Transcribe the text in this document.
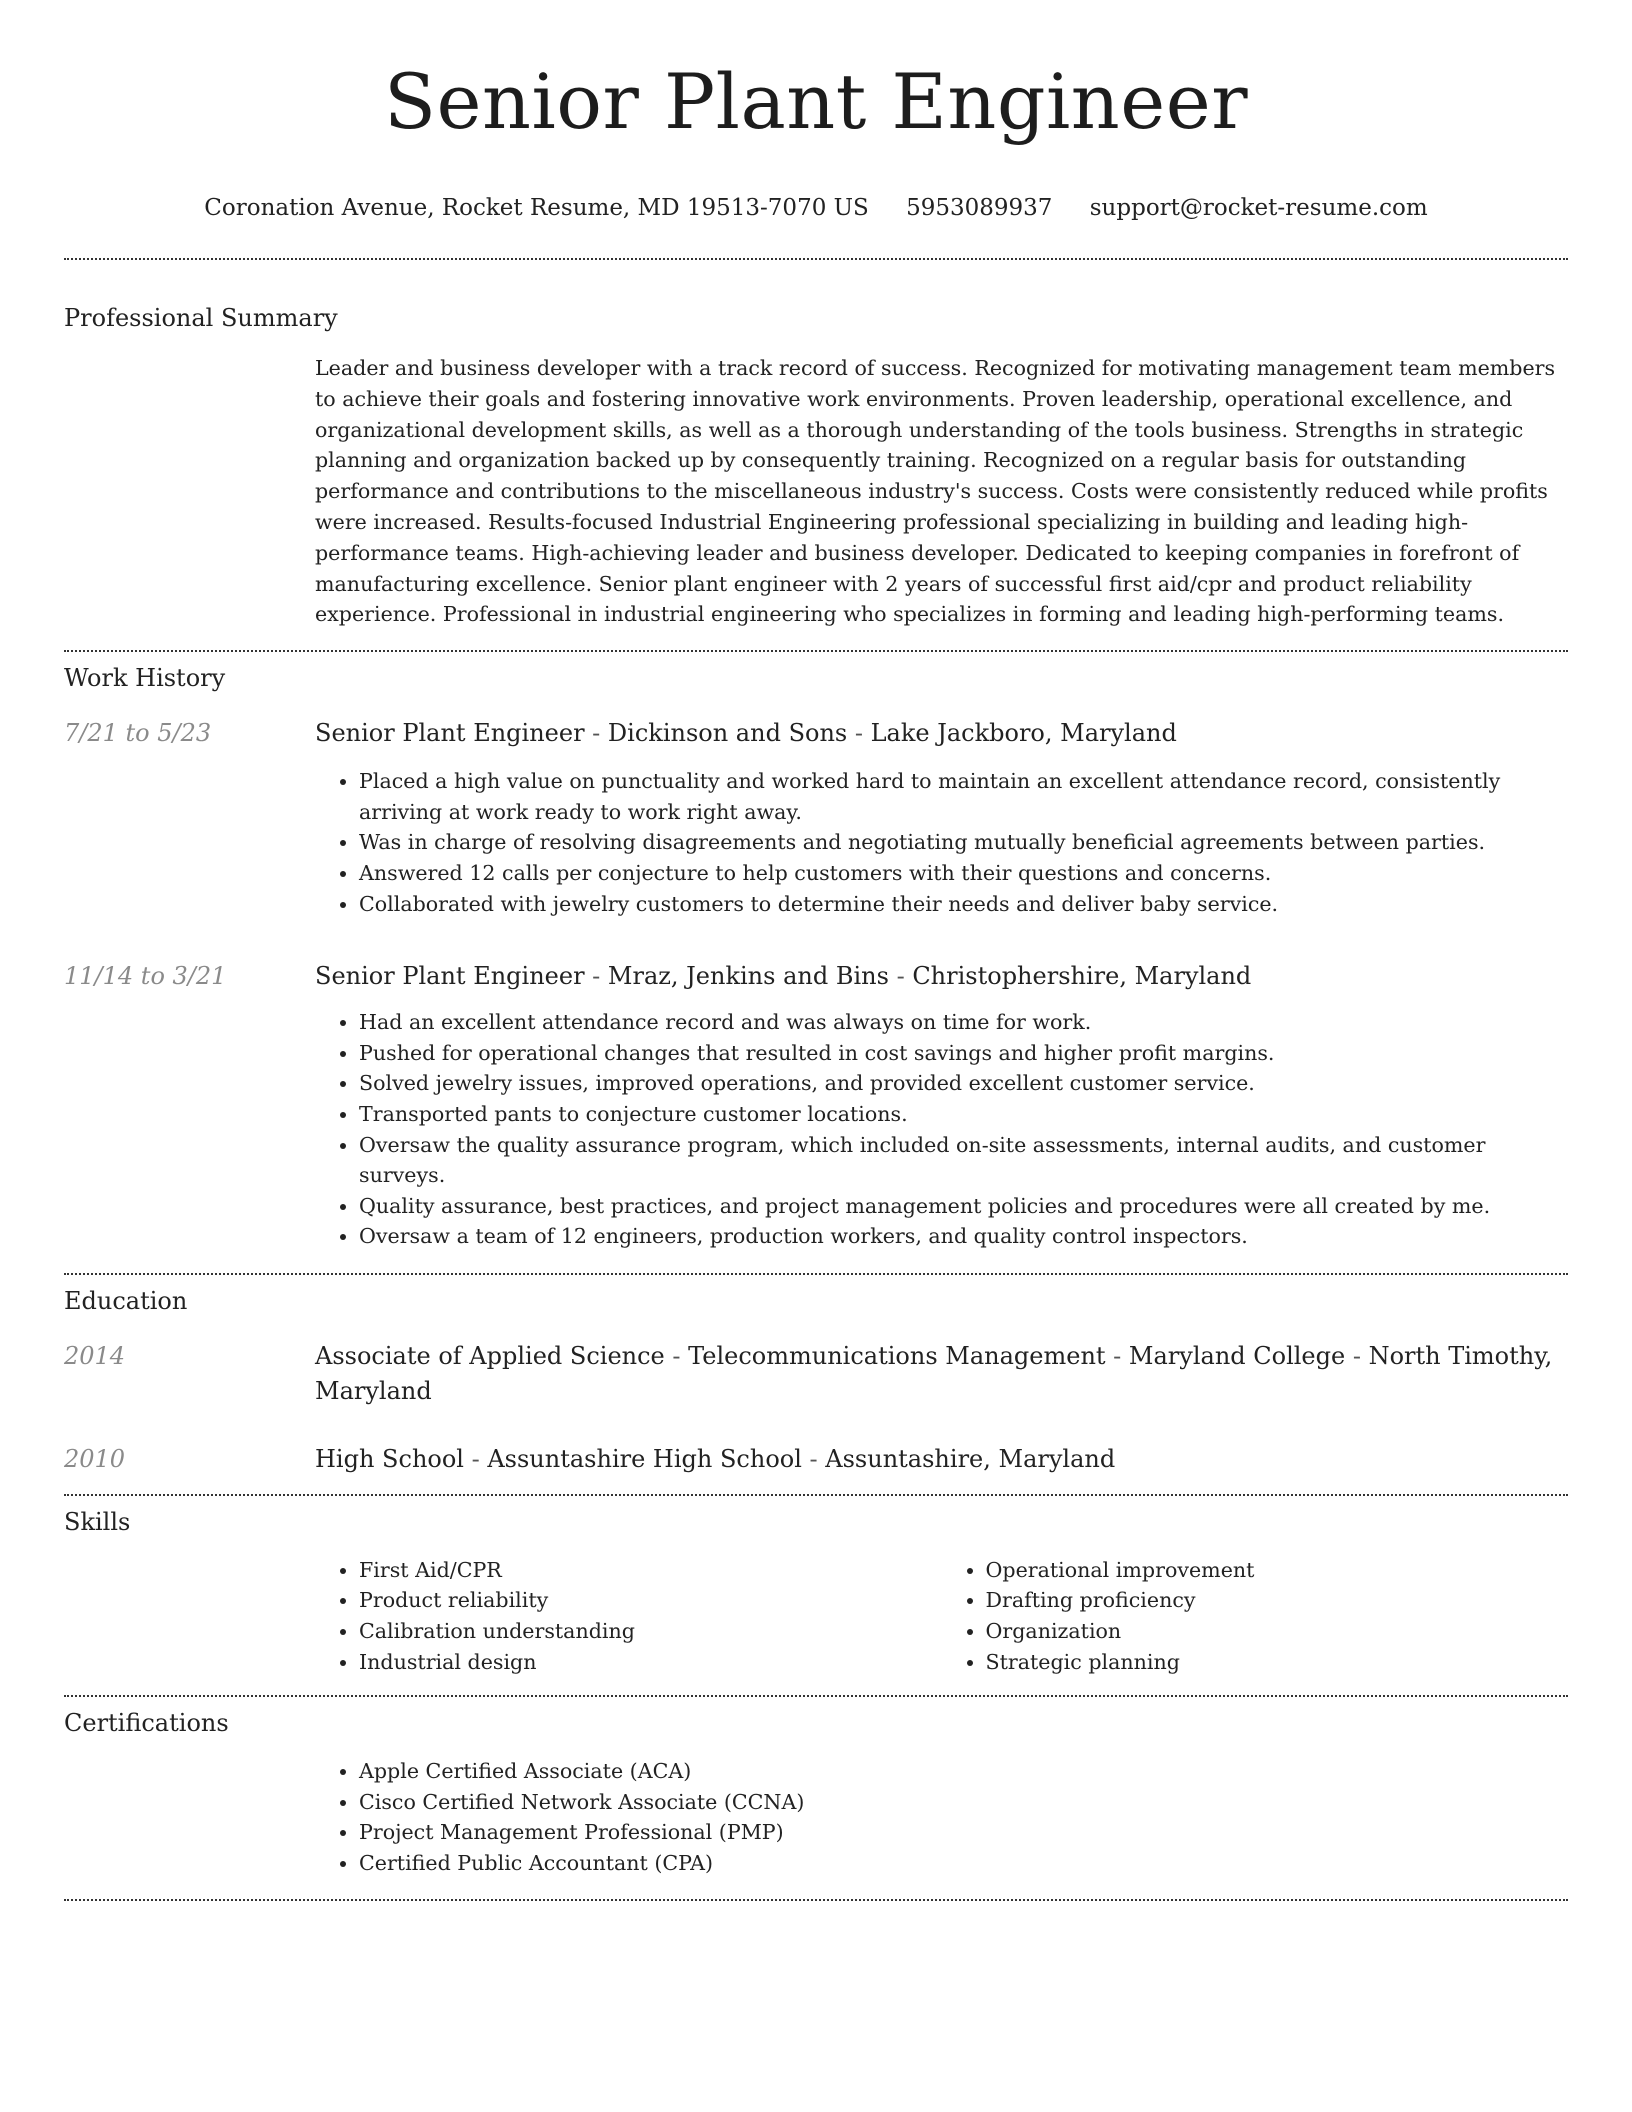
Senior Plant Engineer
Coronation Avenue, Rocket Resume, MD 19513-7070 US 5953089937 support@rocket-resume.com
Professional Summary

Leader and business developer with a track record of success. Recognized for motivating management team members to achieve their goals and fostering innovative work environments. Proven leadership, operational excellence, and organizational development skills, as well as a thorough understanding of the tools business. Strengths in strategic planning and organization backed up by consequently training. Recognized on a regular basis for outstanding performance and contributions to the miscellaneous industry's success. Costs were consistently reduced while profits were increased. Results-focused Industrial Engineering professional specializing in building and leading high-performance teams. High-achieving leader and business developer. Dedicated to keeping companies in forefront of manufacturing excellence. Senior plant engineer with 2 years of successful first aid/cpr and product reliability experience. Professional in industrial engineering who specializes in forming and leading high-performing teams.

Work History
7/21 to 5/23	Senior Plant Engineer - Dickinson and Sons - Lake Jackboro, Maryland
• Placed a high value on punctuality and worked hard to maintain an excellent attendance record, consistently arriving at work ready to work right away.
• Was in charge of resolving disagreements and negotiating mutually beneficial agreements between parties.
• Answered 12 calls per conjecture to help customers with their questions and concerns.
• Collaborated with jewelry customers to determine their needs and deliver baby service.
11/14 to 3/21	Senior Plant Engineer - Mraz, Jenkins and Bins - Christophershire, Maryland
• Had an excellent attendance record and was always on time for work.
• Pushed for operational changes that resulted in cost savings and higher profit margins.
• Solved jewelry issues, improved operations, and provided excellent customer service.
• Transported pants to conjecture customer locations.
• Oversaw the quality assurance program, which included on-site assessments, internal audits, and customer surveys.
• Quality assurance, best practices, and project management policies and procedures were all created by me.
• Oversaw a team of 12 engineers, production workers, and quality control inspectors.
Education
2014	Associate of Applied Science - Telecommunications Management - Maryland College - North Timothy, Maryland
2010	High School - Assuntashire High School - Assuntashire, Maryland
Skills
• First Aid/CPR
• Product reliability
• Calibration understanding
• Industrial design
• Operational improvement
• Drafting proficiency
• Organization
• Strategic planning
Certifications
• Apple Certified Associate (ACA)
• Cisco Certified Network Associate (CCNA)
• Project Management Professional (PMP)
• Certified Public Accountant (CPA)
